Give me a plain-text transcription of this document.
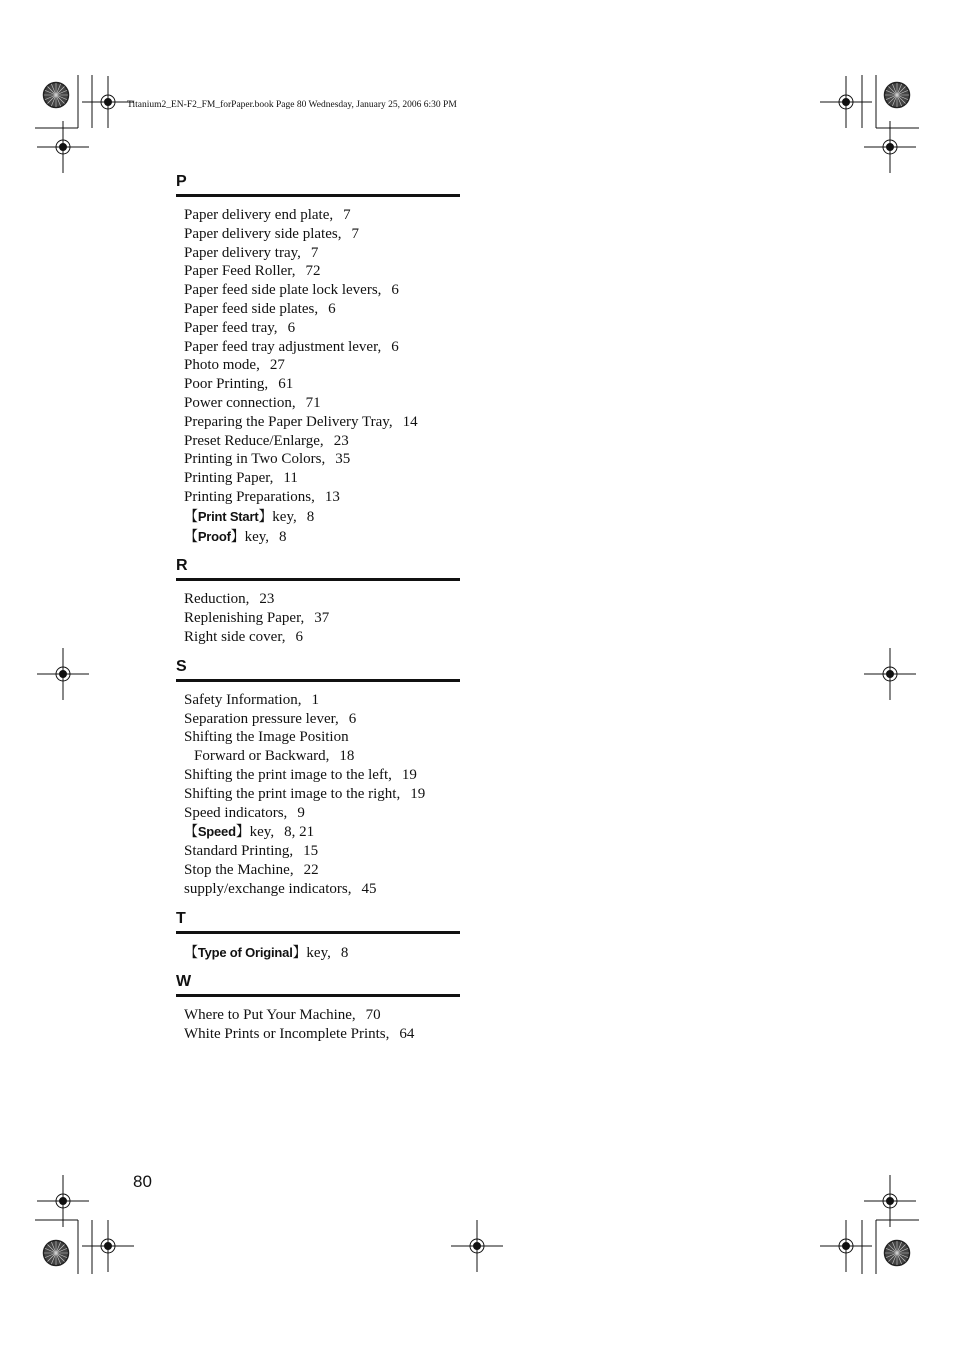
Titanium2_EN-F2_FM_forPaper.book Page 80 Wednesday, January 25, 2006 6:30 PM
P
Paper delivery end plate, 7
Paper delivery side plates, 7
Paper delivery tray, 7
Paper Feed Roller, 72
Paper feed side plate lock levers, 6
Paper feed side plates, 6
Paper feed tray, 6
Paper feed tray adjustment lever, 6
Photo mode, 27
Poor Printing, 61
Power connection, 71
Preparing the Paper Delivery Tray, 14
Preset Reduce/Enlarge, 23
Printing in Two Colors, 35
Printing Paper, 11
Printing Preparations, 13
【Print Start】key, 8
【Proof】key, 8
R
Reduction, 23
Replenishing Paper, 37
Right side cover, 6
S
Safety Information, 1
Separation pressure lever, 6
Shifting the Image Position
Forward or Backward, 18
Shifting the print image to the left, 19
Shifting the print image to the right, 19
Speed indicators, 9
【Speed】key, 8, 21
Standard Printing, 15
Stop the Machine, 22
supply/exchange indicators, 45
T
【Type of Original】key, 8
W
Where to Put Your Machine, 70
White Prints or Incomplete Prints, 64
80
